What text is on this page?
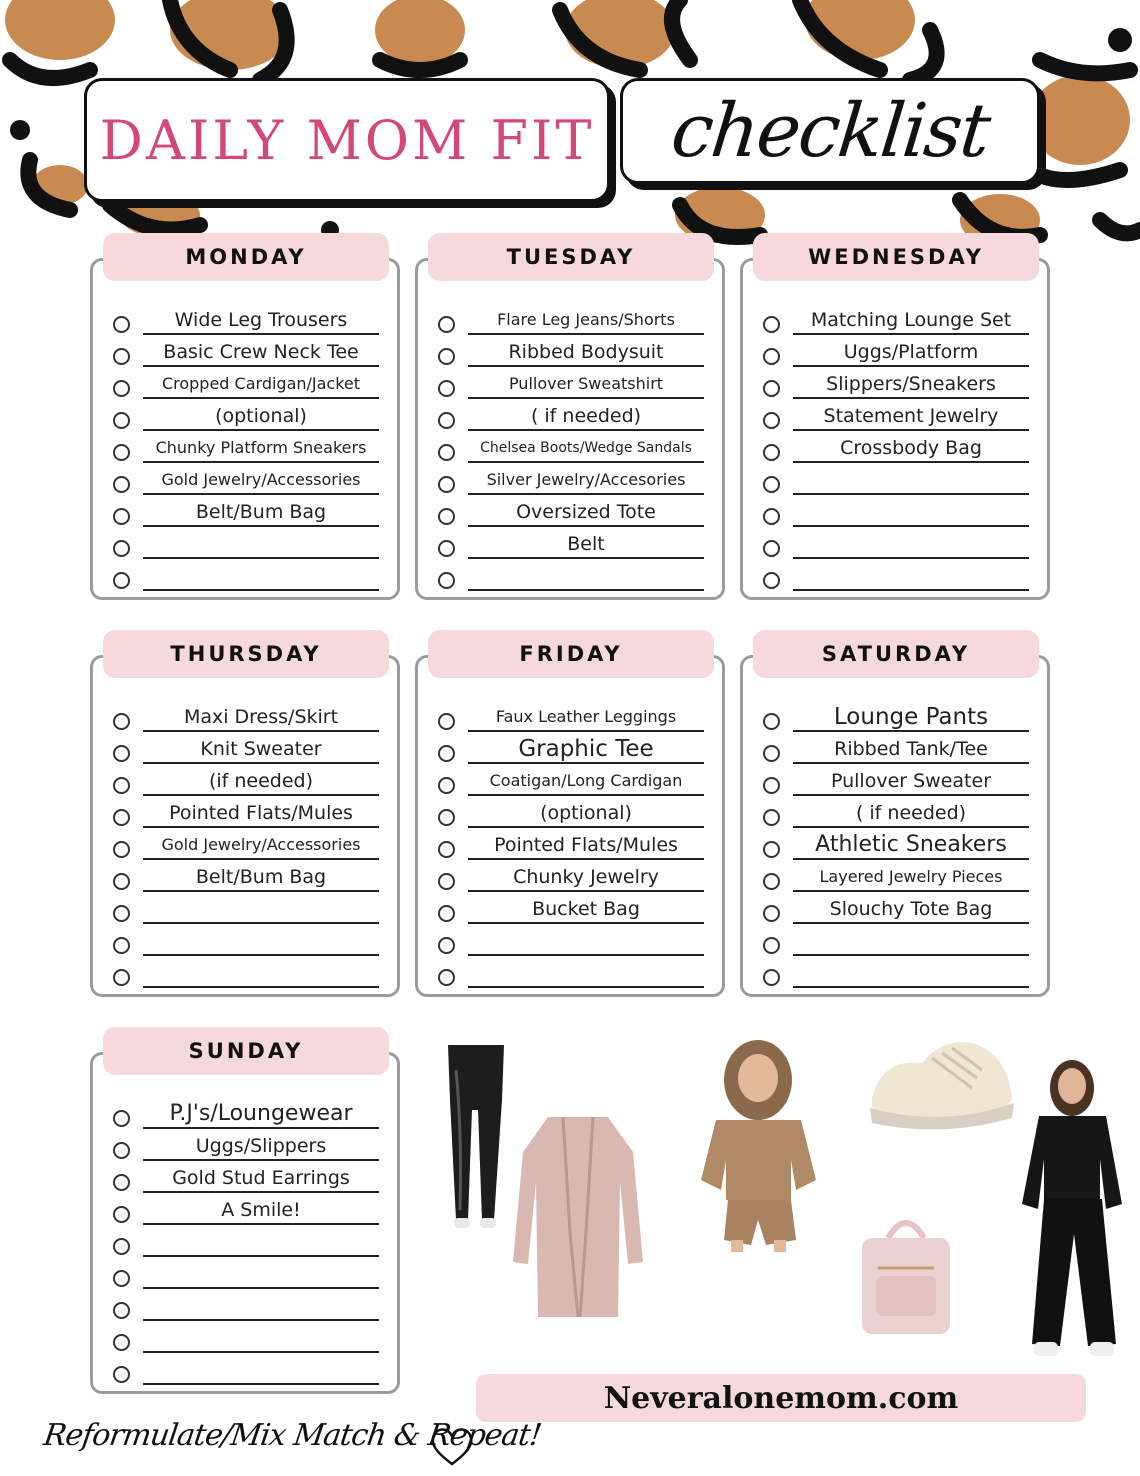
DAILY MOM FIT checklist
MONDAY
Wide Leg Trousers
Basic Crew Neck Tee
Cropped Cardigan/Jacket
(optional)
Chunky Platform Sneakers
Gold Jewelry/Accessories
Belt/Bum Bag
TUESDAY
Flare Leg Jeans/Shorts
Ribbed Bodysuit
Pullover Sweatshirt
( if needed)
Chelsea Boots/Wedge Sandals
Silver Jewelry/Accesories
Oversized Tote
Belt
WEDNESDAY
Matching Lounge Set
Uggs/Platform
Slippers/Sneakers
Statement Jewelry
Crossbody Bag
THURSDAY
Maxi Dress/Skirt
Knit Sweater
(if needed)
Pointed Flats/Mules
Gold Jewelry/Accessories
Belt/Bum Bag
FRIDAY
Faux Leather Leggings
Graphic Tee
Coatigan/Long Cardigan
(optional)
Pointed Flats/Mules
Chunky Jewelry
Bucket Bag
SATURDAY
Lounge Pants
Ribbed Tank/Tee
Pullover Sweater
( if needed)
Athletic Sneakers
Layered Jewelry Pieces
Slouchy Tote Bag
SUNDAY
P.J's/Loungewear
Uggs/Slippers
Gold Stud Earrings
A Smile!
Neveralonemom.com
Reformulate/Mix Match & Repeat!
